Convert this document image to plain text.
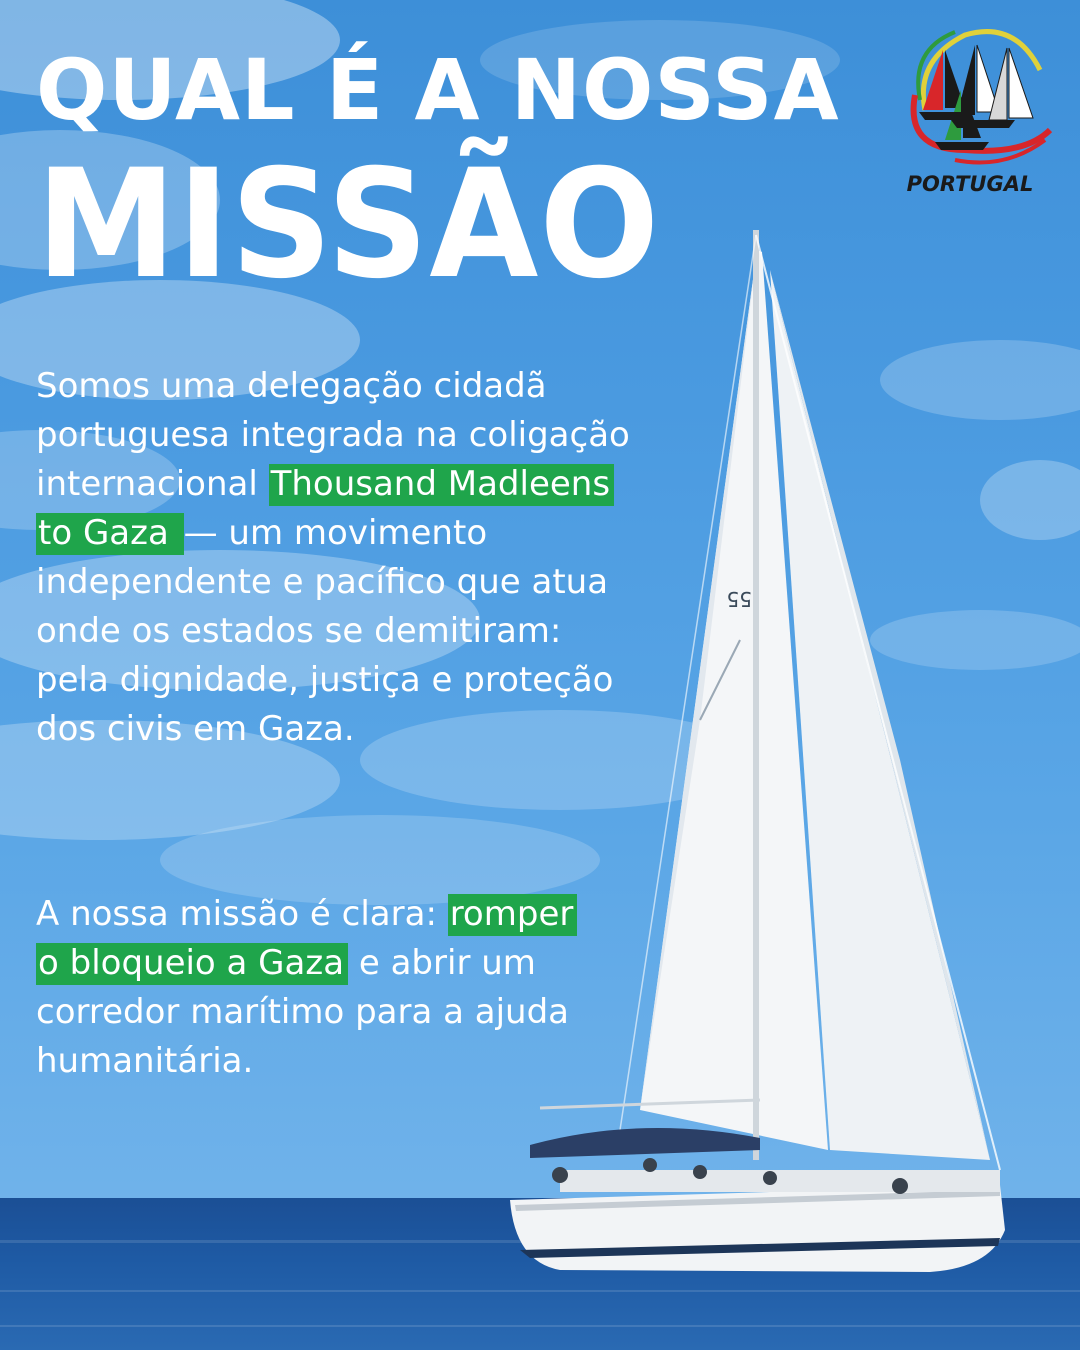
55
QUAL É A NOSSA
MISSÃO	PORTUGAL

Somos uma delegação cidadã
portuguesa integrada na coligação
internacional Thousand Madleens
to Gaza — um movimento
independente e pacífico que atua
onde os estados se demitiram:
pela dignidade, justiça e proteção
dos civis em Gaza.

A nossa missão é clara: romper
o bloqueio a Gaza e abrir um
corredor marítimo para a ajuda
humanitária.
